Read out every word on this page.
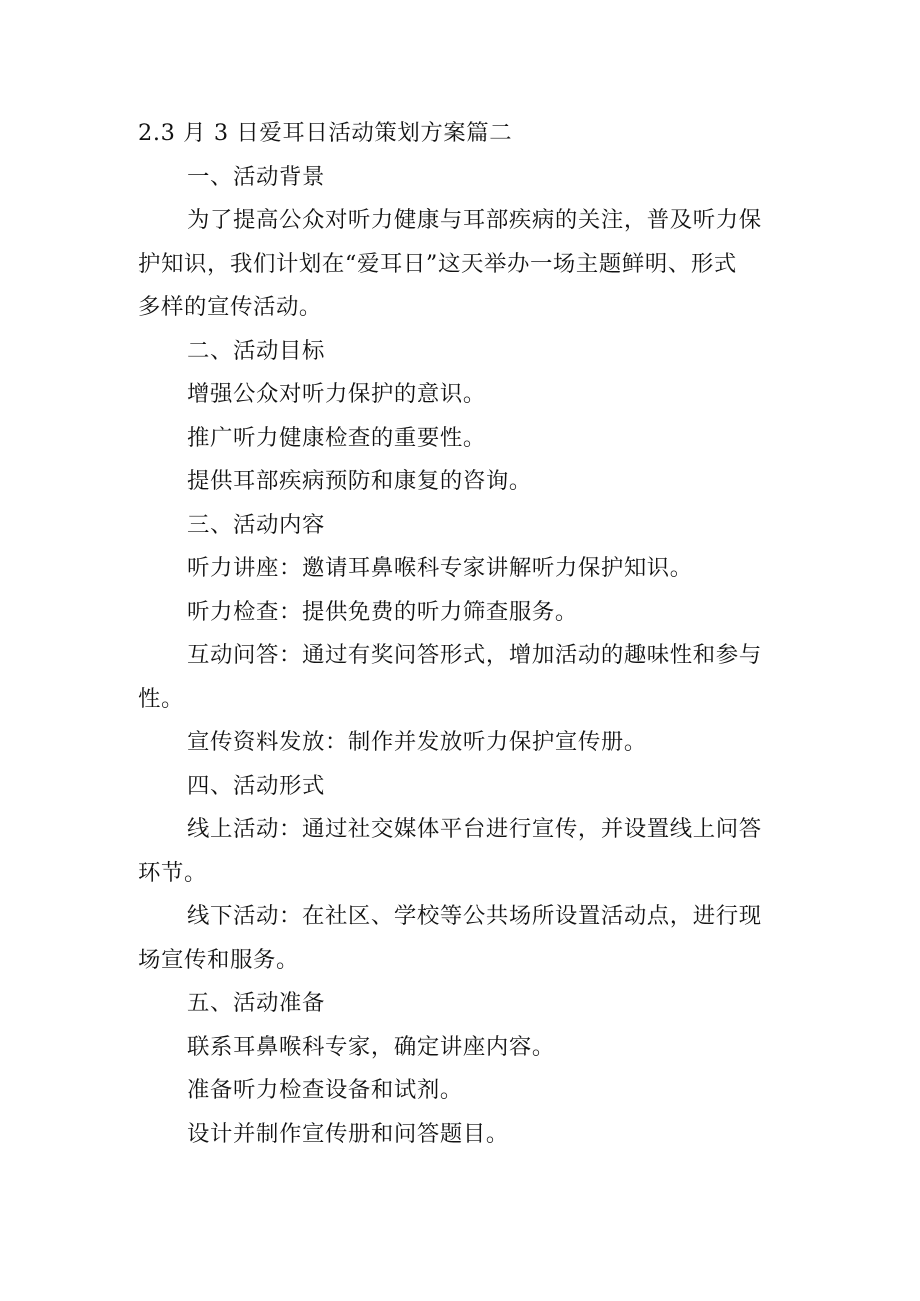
2.3 月 3 日爱耳日活动策划方案篇二

一、活动背景

为了提高公众对听力健康与耳部疾病的关注，普及听力保

护知识，我们计划在“爱耳日”这天举办一场主题鲜明、形式

多样的宣传活动。

二、活动目标

增强公众对听力保护的意识。

推广听力健康检查的重要性。

提供耳部疾病预防和康复的咨询。

三、活动内容

听力讲座：邀请耳鼻喉科专家讲解听力保护知识。

听力检查：提供免费的听力筛查服务。

互动问答：通过有奖问答形式，增加活动的趣味性和参与

性。

宣传资料发放：制作并发放听力保护宣传册。

四、活动形式

线上活动：通过社交媒体平台进行宣传，并设置线上问答

环节。

线下活动：在社区、学校等公共场所设置活动点，进行现

场宣传和服务。

五、活动准备

联系耳鼻喉科专家，确定讲座内容。

准备听力检查设备和试剂。

设计并制作宣传册和问答题目。
